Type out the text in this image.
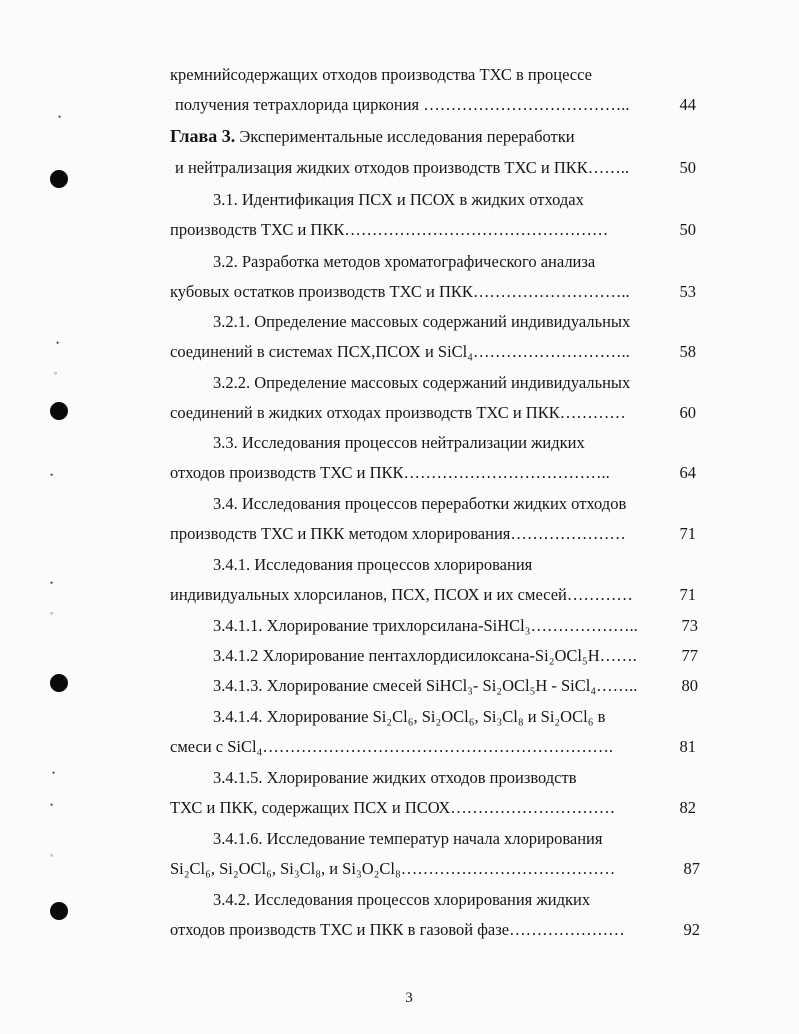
•
•
◦
•
•
◦
•
•
◦
кремнийсодержащих отходов производства ТХС в процессе
получения тетрахлорида циркония ………………………………..	44
Глава 3. Экспериментальные исследования переработки
и нейтрализация жидких отходов производств ТХС и ПКК……..	50
3.1. Идентификация ПСХ и ПСОХ в жидких отходах
производств ТХС и ПКК…………………………………………	50
3.2. Разработка методов хроматографического анализа
кубовых остатков производств ТХС и ПКК………………………..	53
3.2.1. Определение массовых содержаний индивидуальных
соединений в системах ПСХ,ПСОХ и SiCl₄………………………..	58
3.2.2. Определение массовых содержаний индивидуальных
соединений в жидких отходах производств ТХС и ПКК…………	60
3.3. Исследования процессов нейтрализации жидких
отходов производств ТХС и ПКК………………………………..	64
3.4. Исследования процессов переработки жидких отходов
производств ТХС и ПКК методом хлорирования…………………	71
3.4.1. Исследования процессов хлорирования
индивидуальных хлорсиланов, ПСХ, ПСОХ и их смесей…………	71
3.4.1.1. Хлорирование трихлорсилана-SiHCl₃………………..	73
3.4.1.2 Хлорирование пентахлордисилоксана-Si₂OCl₅H…….	77
3.4.1.3. Хлорирование смесей SiHCl₃- Si₂OCl₅H - SiCl₄……..	80
3.4.1.4. Хлорирование Si₂Cl₆, Si₂OCl₆, Si₃Cl₈ и Si₂OCl₆ в
смеси с SiCl₄……………………………………………………….	81
3.4.1.5. Хлорирование жидких отходов производств
ТХС и ПКК, содержащих ПСХ и ПСОХ…………………………	82
3.4.1.6. Исследование температур начала хлорирования
Si₂Cl₆, Si₂OCl₆, Si₃Cl₈, и Si₃O₂Cl₈…………………………………	87
3.4.2. Исследования процессов хлорирования жидких
отходов производств ТХС и ПКК в газовой фазе…………………	92
3
